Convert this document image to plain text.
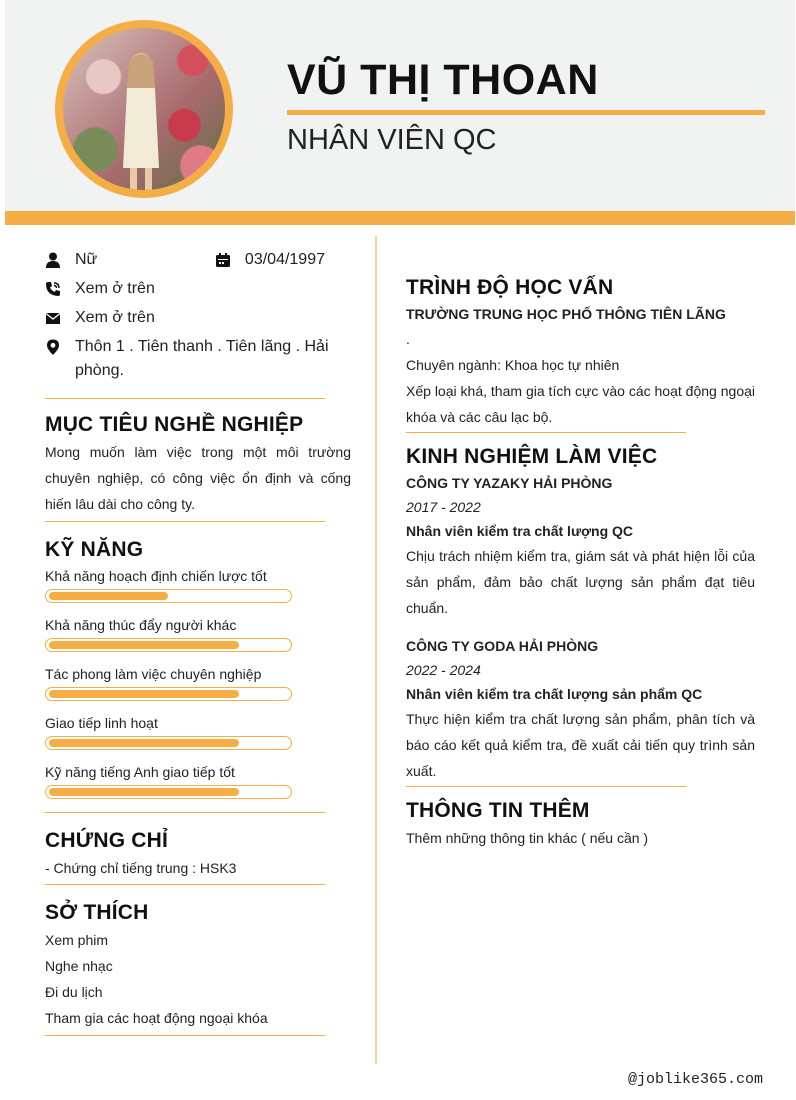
VŨ THỊ THOAN
NHÂN VIÊN QC
Nữ	03/04/1997
Xem ở trên
Xem ở trên
Thôn 1 . Tiên thanh . Tiên lãng . Hải phòng.
MỤC TIÊU NGHỀ NGHIỆP
Mong muốn làm việc trong một môi trường chuyên nghiệp, có công việc ổn định và cống hiến lâu dài cho công ty.
KỸ NĂNG
Khả năng hoạch định chiến lược tốt
Khả năng thúc đẩy người khác
Tác phong làm việc chuyên nghiệp
Giao tiếp linh hoạt
Kỹ năng tiếng Anh giao tiếp tốt
CHỨNG CHỈ
- Chứng chỉ tiếng trung : HSK3
SỞ THÍCH
Xem phim
Nghe nhạc
Đi du lịch
Tham gia các hoạt động ngoại khóa
TRÌNH ĐỘ HỌC VẤN
TRƯỜNG TRUNG HỌC PHỐ THÔNG TIÊN LÃNG
.
Chuyên ngành: Khoa học tự nhiên
Xếp loại khá, tham gia tích cực vào các hoạt động ngoại khóa và các câu lạc bộ.
KINH NGHIỆM LÀM VIỆC
CÔNG TY YAZAKY HẢI PHÒNG
2017 - 2022
Nhân viên kiểm tra chất lượng QC
Chịu trách nhiệm kiểm tra, giám sát và phát hiện lỗi của sản phẩm, đảm bảo chất lượng sản phẩm đạt tiêu chuẩn.
CÔNG TY GODA HẢI PHÒNG
2022 - 2024
Nhân viên kiểm tra chất lượng sản phẩm QC
Thực hiện kiểm tra chất lượng sản phẩm, phân tích và báo cáo kết quả kiểm tra, đề xuất cải tiến quy trình sản xuất.
THÔNG TIN THÊM
Thêm những thông tin khác ( nếu cần )
@joblike365.com
